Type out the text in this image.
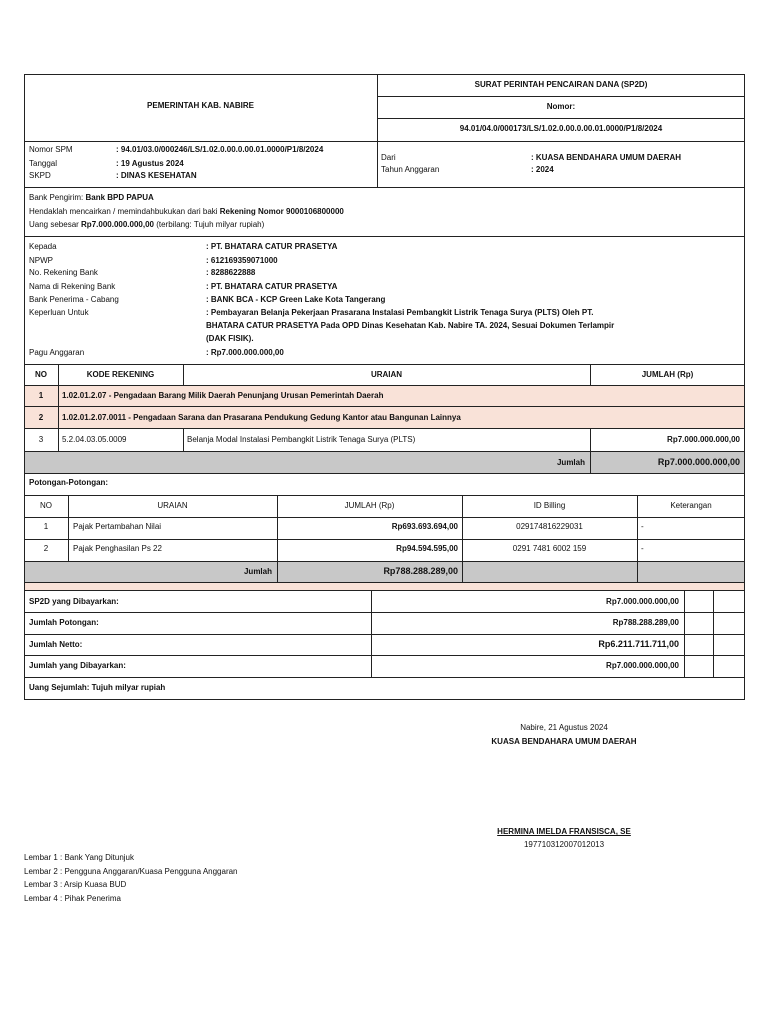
PEMERINTAH KAB. NABIRE
SURAT PERINTAH PENCAIRAN DANA (SP2D)
Nomor:
94.01/04.0/000173/LS/1.02.0.00.0.00.01.0000/P1/8/2024
Nomor SPM	: 94.01/03.0/000246/LS/1.02.0.00.0.00.01.0000/P1/8/2024
Tanggal	: 19 Agustus 2024
SKPD	: DINAS KESEHATAN
Dari	: KUASA BENDAHARA UMUM DAERAH
Tahun Anggaran	: 2024
Bank Pengirim: Bank BPD PAPUA
Hendaklah mencairkan / memindahbukukan dari baki Rekening Nomor 9000106800000
Uang sebesar Rp7.000.000.000,00 (terbilang: Tujuh milyar rupiah)
Kepada	: PT. BHATARA CATUR PRASETYA
NPWP	: 612169359071000
No. Rekening Bank	: 8288622888
Nama di Rekening Bank	: PT. BHATARA CATUR PRASETYA
Bank Penerima - Cabang	: BANK BCA - KCP Green Lake Kota Tangerang
Keperluan Untuk	: Pembayaran Belanja Pekerjaan Prasarana Instalasi Pembangkit Listrik Tenaga Surya (PLTS) Oleh PT.
BHATARA CATUR PRASETYA Pada OPD Dinas Kesehatan Kab. Nabire TA. 2024, Sesuai Dokumen Terlampir
(DAK FISIK).
Pagu Anggaran	: Rp7.000.000.000,00
NO	KODE REKENING	URAIAN	JUMLAH (Rp)
1	1.02.01.2.07 - Pengadaan Barang Milik Daerah Penunjang Urusan Pemerintah Daerah
2	1.02.01.2.07.0011 - Pengadaan Sarana dan Prasarana Pendukung Gedung Kantor atau Bangunan Lainnya
3	5.2.04.03.05.0009	Belanja Modal Instalasi Pembangkit Listrik Tenaga Surya (PLTS)	Rp7.000.000.000,00
Jumlah	Rp7.000.000.000,00
Potongan-Potongan:
NO	URAIAN	JUMLAH (Rp)	ID Billing	Keterangan
1	Pajak Pertambahan Nilai	Rp693.693.694,00	029174816229031	-
2	Pajak Penghasilan Ps 22	Rp94.594.595,00	0291 7481 6002 159	-
Jumlah	Rp788.288.289,00
SP2D yang Dibayarkan:	Rp7.000.000.000,00
Jumlah Potongan:	Rp788.288.289,00
Jumlah Netto:	Rp6.211.711.711,00
Jumlah yang Dibayarkan:	Rp7.000.000.000,00
Uang Sejumlah: Tujuh milyar rupiah
Nabire, 21 Agustus 2024
KUASA BENDAHARA UMUM DAERAH
HERMINA IMELDA FRANSISCA, SE
197710312007012013
Lembar 1 : Bank Yang Ditunjuk
Lembar 2 : Pengguna Anggaran/Kuasa Pengguna Anggaran
Lembar 3 : Arsip Kuasa BUD
Lembar 4 : Pihak Penerima
